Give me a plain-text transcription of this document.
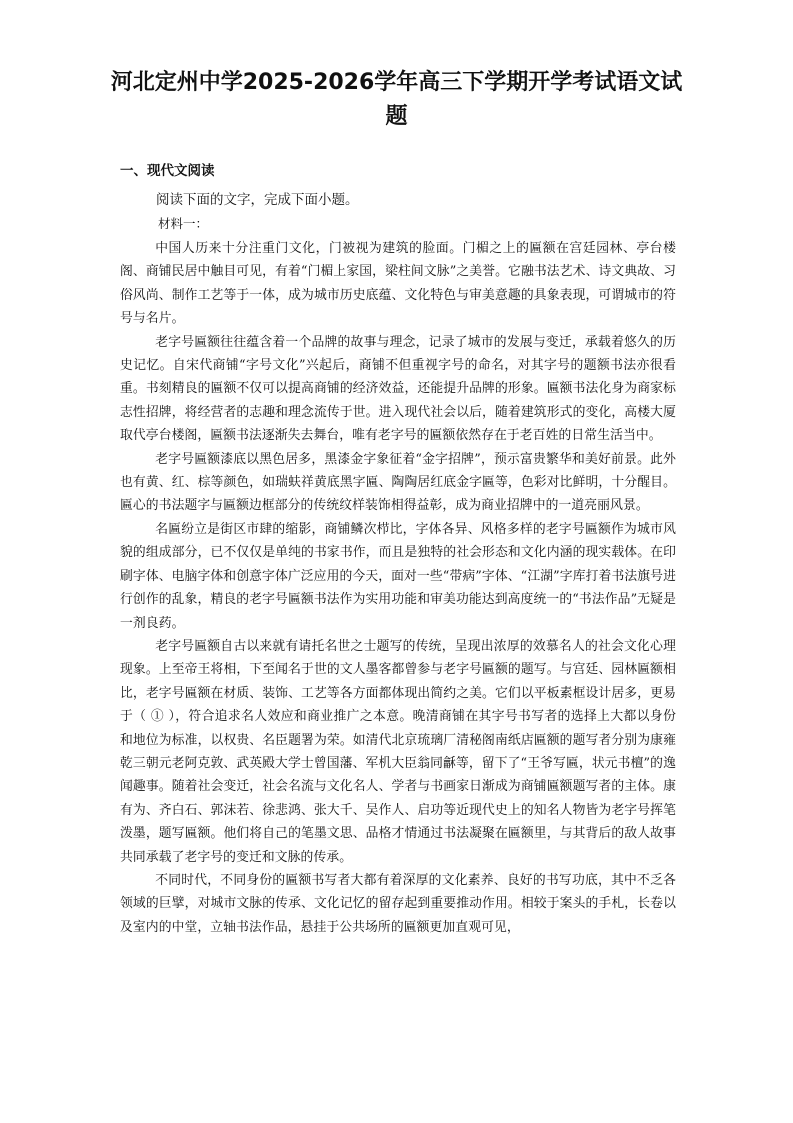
河北定州中学2025-2026学年高三下学期开学考试语文试题
一、现代文阅读
阅读下面的文字，完成下面小题。
材料一：

中国人历来十分注重门文化，门被视为建筑的脸面。门楣之上的匾额在宫廷园林、亭台楼阁、商铺民居中触目可见，有着“门楣上家国，梁柱间文脉”之美誉。它融书法艺术、诗文典故、习俗风尚、制作工艺等于一体，成为城市历史底蕴、文化特色与审美意趣的具象表现，可谓城市的符号与名片。

老字号匾额往往蕴含着一个品牌的故事与理念，记录了城市的发展与变迁，承载着悠久的历史记忆。自宋代商铺“字号文化”兴起后，商铺不但重视字号的命名，对其字号的题额书法亦很看重。书刻精良的匾额不仅可以提高商铺的经济效益，还能提升品牌的形象。匾额书法化身为商家标志性招牌，将经营者的志趣和理念流传于世。进入现代社会以后，随着建筑形式的变化，高楼大厦取代亭台楼阁，匾额书法逐渐失去舞台，唯有老字号的匾额依然存在于老百姓的日常生活当中。

老字号匾额漆底以黑色居多，黑漆金字象征着“金字招牌”，预示富贵繁华和美好前景。此外也有黄、红、棕等颜色，如瑞蚨祥黄底黑字匾、陶陶居红底金字匾等，色彩对比鲜明，十分醒目。匾心的书法题字与匾额边框部分的传统纹样装饰相得益彰，成为商业招牌中的一道亮丽风景。

名匾纷立是街区市肆的缩影，商铺鳞次栉比，字体各异、风格多样的老字号匾额作为城市风貌的组成部分，已不仅仅是单纯的书家书作，而且是独特的社会形态和文化内涵的现实载体。在印刷字体、电脑字体和创意字体广泛应用的今天，面对一些“带病”字体、“江湖”字库打着书法旗号进行创作的乱象，精良的老字号匾额书法作为实用功能和审美功能达到高度统一的“书法作品”无疑是一剂良药。

老字号匾额自古以来就有请托名世之士题写的传统，呈现出浓厚的效慕名人的社会文化心理现象。上至帝王将相，下至闻名于世的文人墨客都曾参与老字号匾额的题写。与宫廷、园林匾额相比，老字号匾额在材质、装饰、工艺等各方面都体现出简约之美。它们以平板素框设计居多，更易于（ ① ），符合追求名人效应和商业推广之本意。晚清商铺在其字号书写者的选择上大都以身份和地位为标准，以权贵、名臣题署为荣。如清代北京琉璃厂清秘阁南纸店匾额的题写者分别为康雍乾三朝元老阿克敦、武英殿大学士曾国藩、军机大臣翁同龢等，留下了“王爷写匾，状元书檀”的逸闻趣事。随着社会变迁，社会名流与文化名人、学者与书画家日渐成为商铺匾额题写者的主体。康有为、齐白石、郭沫若、徐悲鸿、张大千、吴作人、启功等近现代史上的知名人物皆为老字号挥笔泼墨，题写匾额。他们将自己的笔墨文思、品格才情通过书法凝聚在匾额里，与其背后的敌人故事共同承载了老字号的变迁和文脉的传承。

不同时代，不同身份的匾额书写者大都有着深厚的文化素养、良好的书写功底，其中不乏各领域的巨擘，对城市文脉的传承、文化记忆的留存起到重要推动作用。相较于案头的手札，长卷以及室内的中堂，立轴书法作品，悬挂于公共场所的匾额更加直观可见，
